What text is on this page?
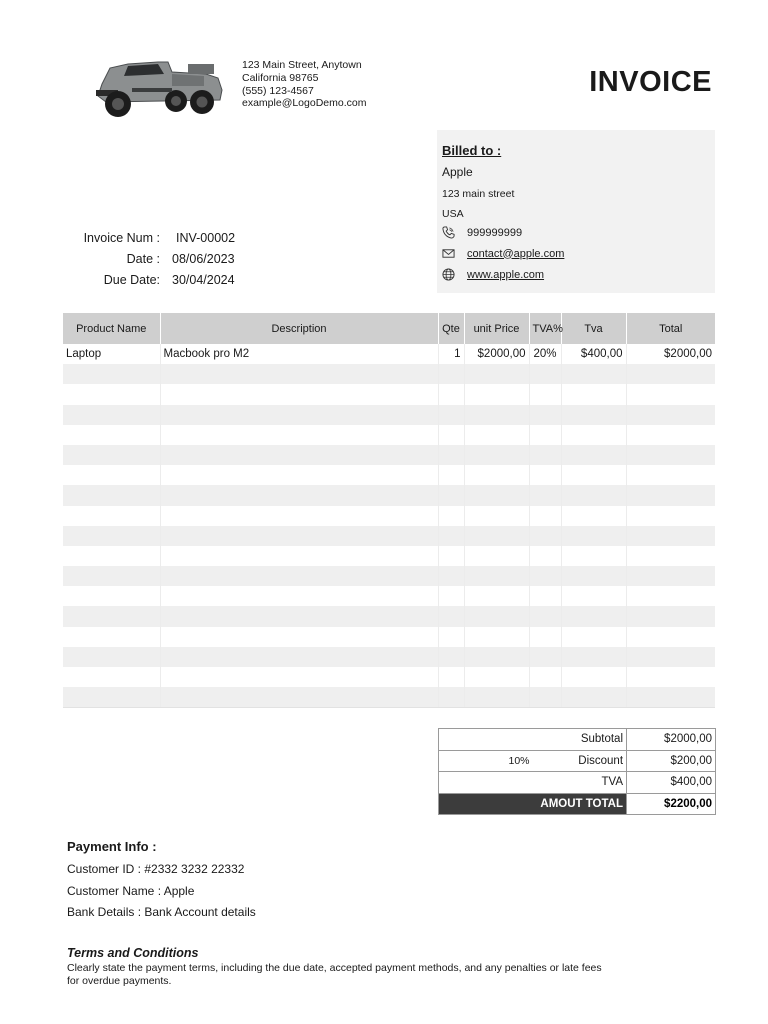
123 Main Street, Anytown
California 98765
(555) 123-4567
example@LogoDemo.com
INVOICE
Billed to :
Apple
123 main street
USA
999999999
contact@apple.com
www.apple.com
Invoice Num :	INV-00002
Date : 08/06/2023
Due Date: 30/04/2024
Product Name	Description	Qte	unit Price	TVA%	Tva	Total
Laptop	Macbook pro M2	1	$2000,00	20%	$400,00	$2000,00

Subtotal		$2000,00
10%	Discount	$200,00
TVA		$400,00
AMOUT TOTAL		$2200,00
Payment Info :
Customer ID : #2332 3232 22332
Customer Name : Apple
Bank Details : Bank Account details
Terms and Conditions
Clearly state the payment terms, including the due date, accepted payment methods, and any penalties or late fees
for overdue payments.
